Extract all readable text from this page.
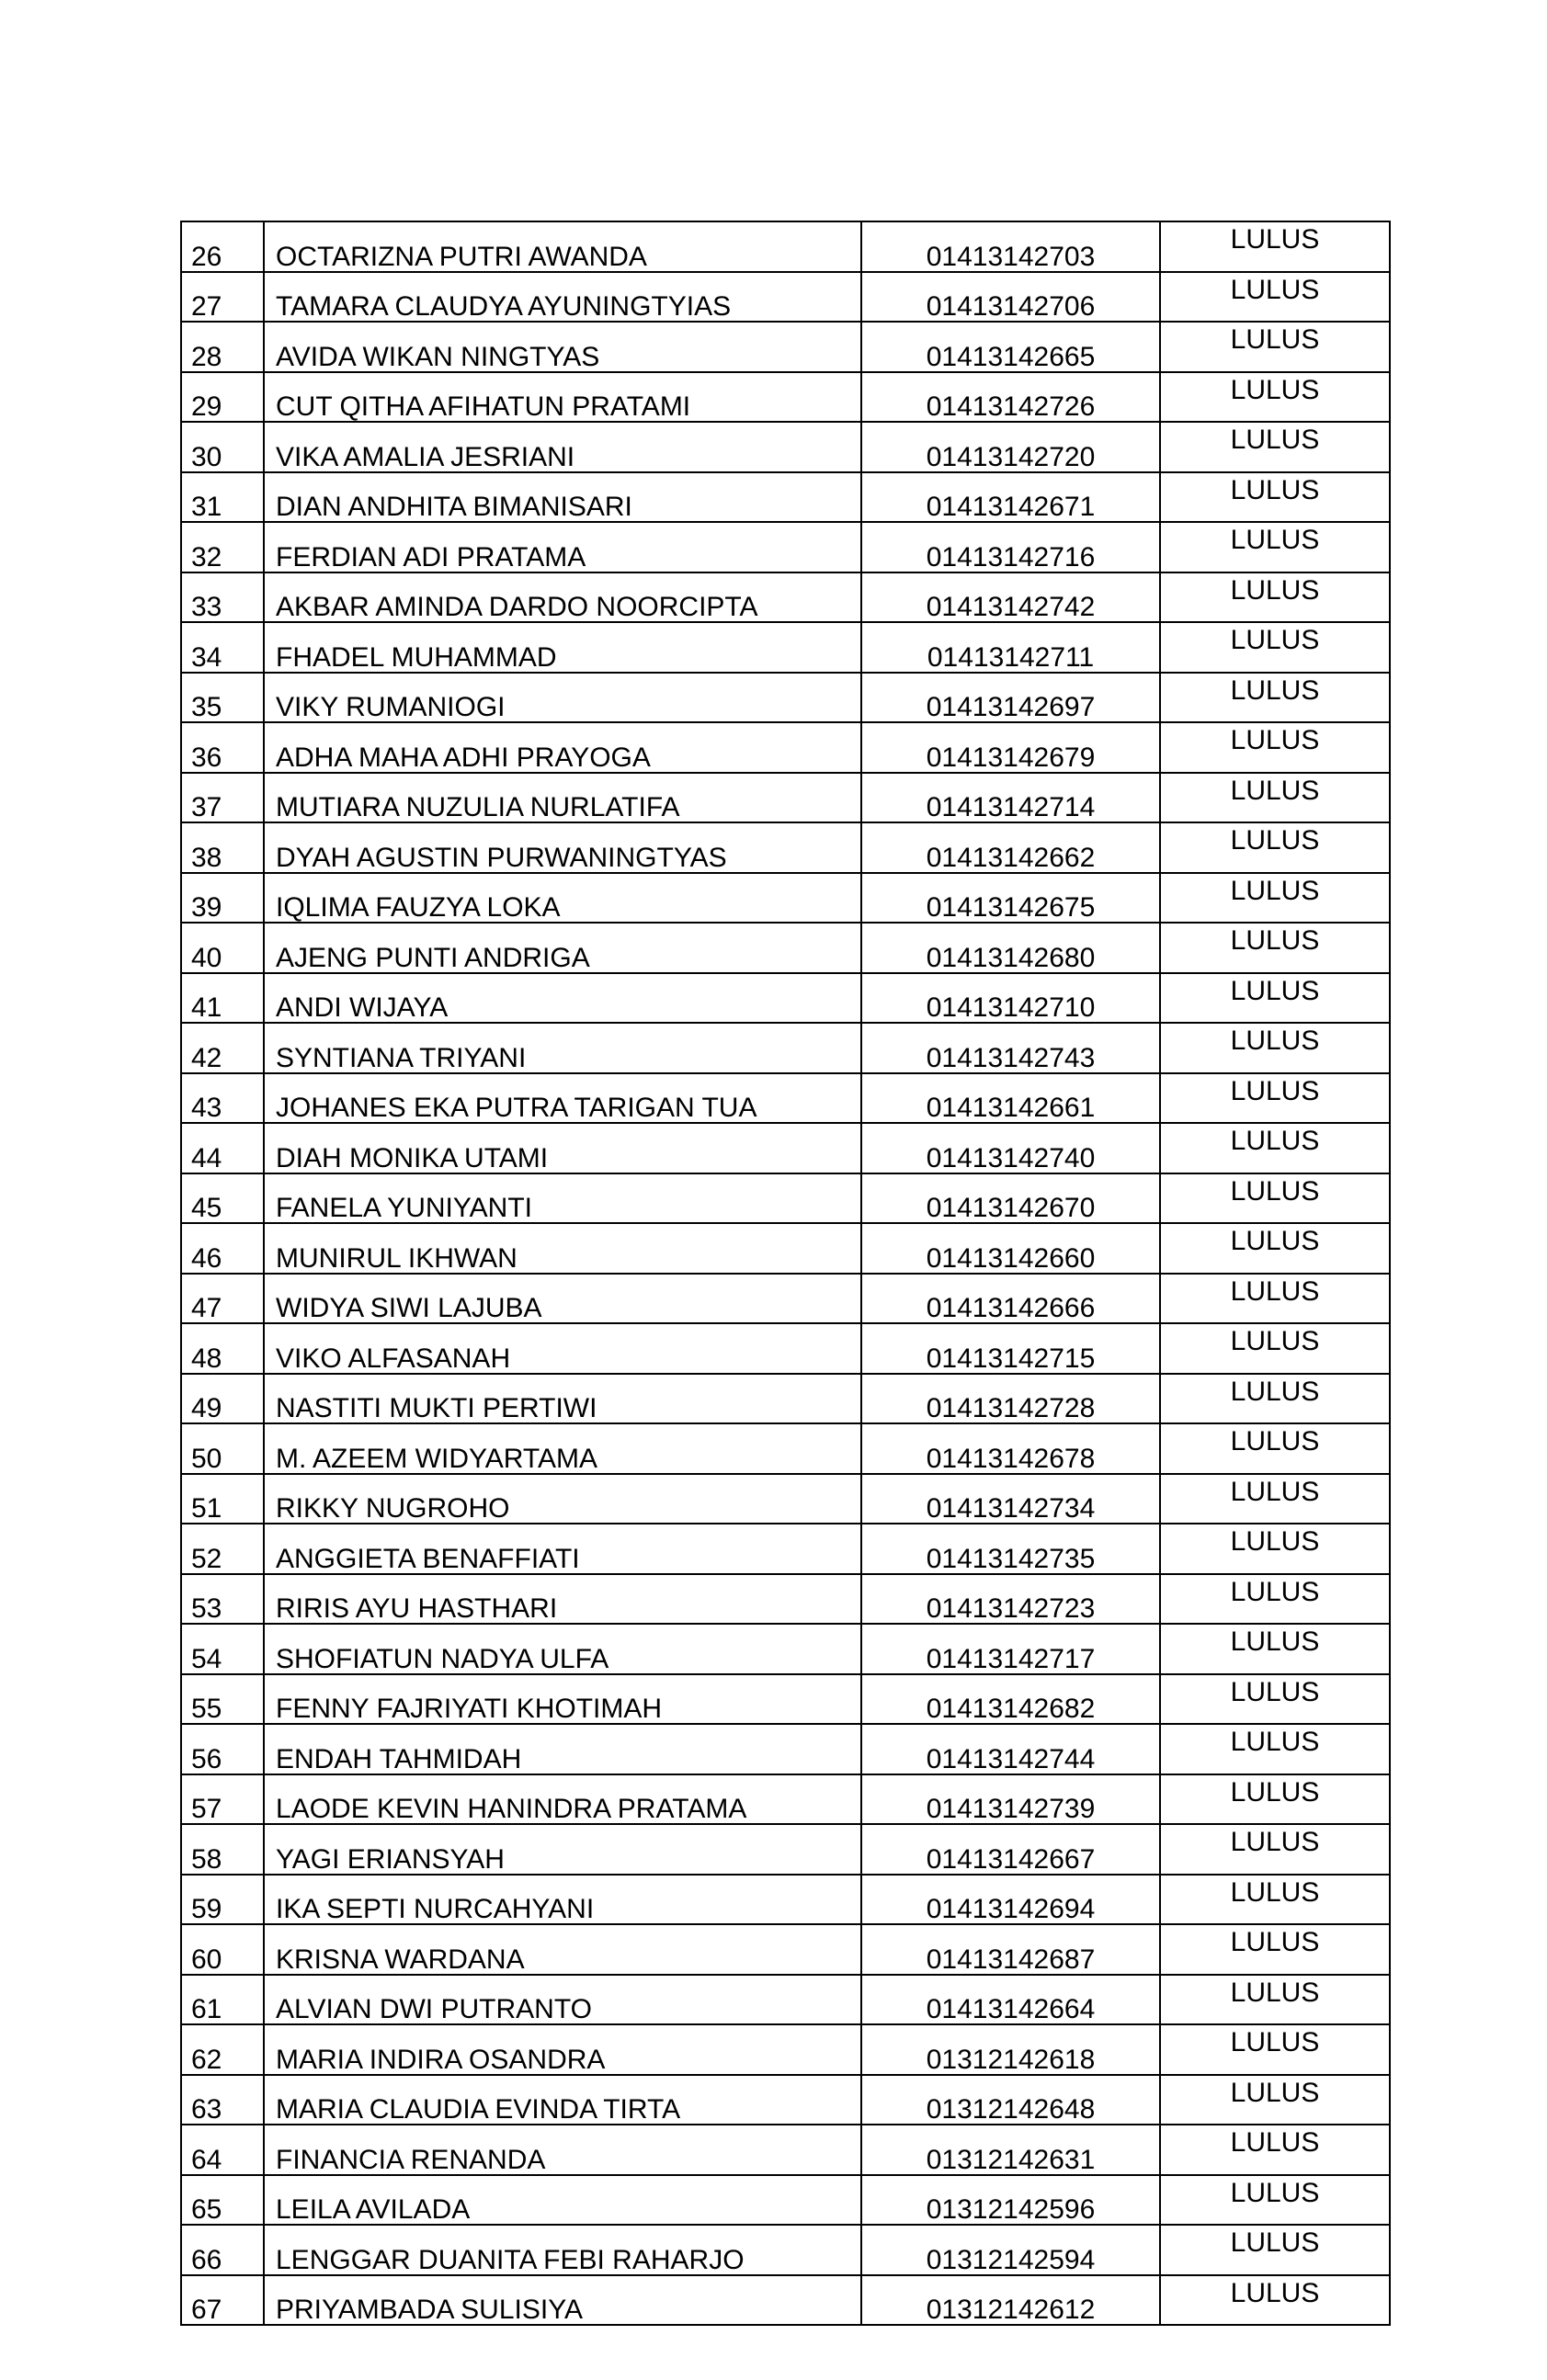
26	OCTARIZNA PUTRI AWANDA	01413142703	LULUS
27	TAMARA CLAUDYA AYUNINGTYIAS	01413142706	LULUS
28	AVIDA WIKAN NINGTYAS	01413142665	LULUS
29	CUT QITHA AFIHATUN PRATAMI	01413142726	LULUS
30	VIKA AMALIA JESRIANI	01413142720	LULUS
31	DIAN ANDHITA BIMANISARI	01413142671	LULUS
32	FERDIAN ADI PRATAMA	01413142716	LULUS
33	AKBAR AMINDA DARDO NOORCIPTA	01413142742	LULUS
34	FHADEL MUHAMMAD	01413142711	LULUS
35	VIKY RUMANIOGI	01413142697	LULUS
36	ADHA MAHA ADHI PRAYOGA	01413142679	LULUS
37	MUTIARA NUZULIA NURLATIFA	01413142714	LULUS
38	DYAH AGUSTIN PURWANINGTYAS	01413142662	LULUS
39	IQLIMA FAUZYA LOKA	01413142675	LULUS
40	AJENG PUNTI ANDRIGA	01413142680	LULUS
41	ANDI WIJAYA	01413142710	LULUS
42	SYNTIANA TRIYANI	01413142743	LULUS
43	JOHANES EKA PUTRA TARIGAN TUA	01413142661	LULUS
44	DIAH MONIKA UTAMI	01413142740	LULUS
45	FANELA YUNIYANTI	01413142670	LULUS
46	MUNIRUL IKHWAN	01413142660	LULUS
47	WIDYA SIWI LAJUBA	01413142666	LULUS
48	VIKO ALFASANAH	01413142715	LULUS
49	NASTITI MUKTI PERTIWI	01413142728	LULUS
50	M. AZEEM WIDYARTAMA	01413142678	LULUS
51	RIKKY NUGROHO	01413142734	LULUS
52	ANGGIETA BENAFFIATI	01413142735	LULUS
53	RIRIS AYU HASTHARI	01413142723	LULUS
54	SHOFIATUN NADYA ULFA	01413142717	LULUS
55	FENNY FAJRIYATI KHOTIMAH	01413142682	LULUS
56	ENDAH TAHMIDAH	01413142744	LULUS
57	LAODE KEVIN HANINDRA PRATAMA	01413142739	LULUS
58	YAGI ERIANSYAH	01413142667	LULUS
59	IKA SEPTI NURCAHYANI	01413142694	LULUS
60	KRISNA WARDANA	01413142687	LULUS
61	ALVIAN DWI PUTRANTO	01413142664	LULUS
62	MARIA INDIRA OSANDRA	01312142618	LULUS
63	MARIA CLAUDIA EVINDA TIRTA	01312142648	LULUS
64	FINANCIA RENANDA	01312142631	LULUS
65	LEILA AVILADA	01312142596	LULUS
66	LENGGAR DUANITA FEBI RAHARJO	01312142594	LULUS
67	PRIYAMBADA SULISIYA	01312142612	LULUS
